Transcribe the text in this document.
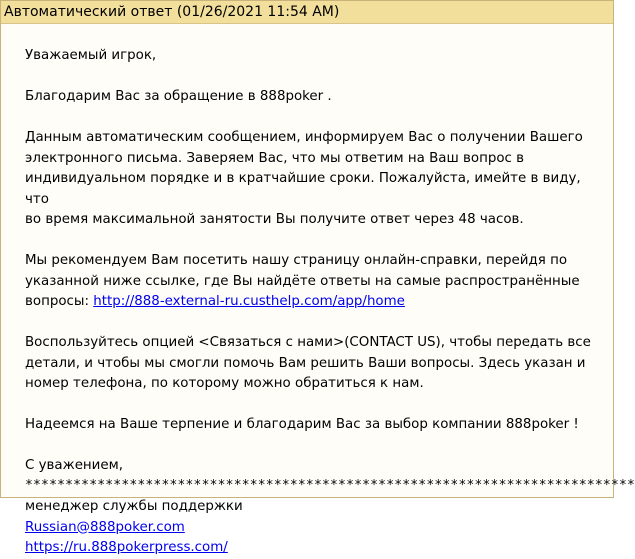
Автоматический ответ (01/26/2021 11:54 AM)

Уважаемый игрок,

Благодарим Вас за обращение в 888poker .

Данным автоматическим сообщением, информируем Вас о получении Вашего
электронного письма. Заверяем Вас, что мы ответим на Ваш вопрос в
индивидуальном порядке и в кратчайшие сроки. Пожалуйста, имейте в виду, что
во время максимальной занятости Вы получите ответ через 48 часов.

Мы рекомендуем Вам посетить нашу страницу онлайн-справки, перейдя по
указанной ниже ссылке, где Вы найдёте ответы на самые распространённые
вопросы: http://888-external-ru.custhelp.com/app/home

Воспользуйтесь опцией <Связаться с нами>(CONTACT US), чтобы передать все
детали, и чтобы мы смогли помочь Вам решить Ваши вопросы. Здесь указан и
номер телефона, по которому можно обратиться к нам.

Надеемся на Ваше терпение и благодарим Вас за выбор компании 888poker !

С уважением,

менеджер службы поддержки
Russian@888poker.com
https://ru.888pokerpress.com/

****************************************************************************
